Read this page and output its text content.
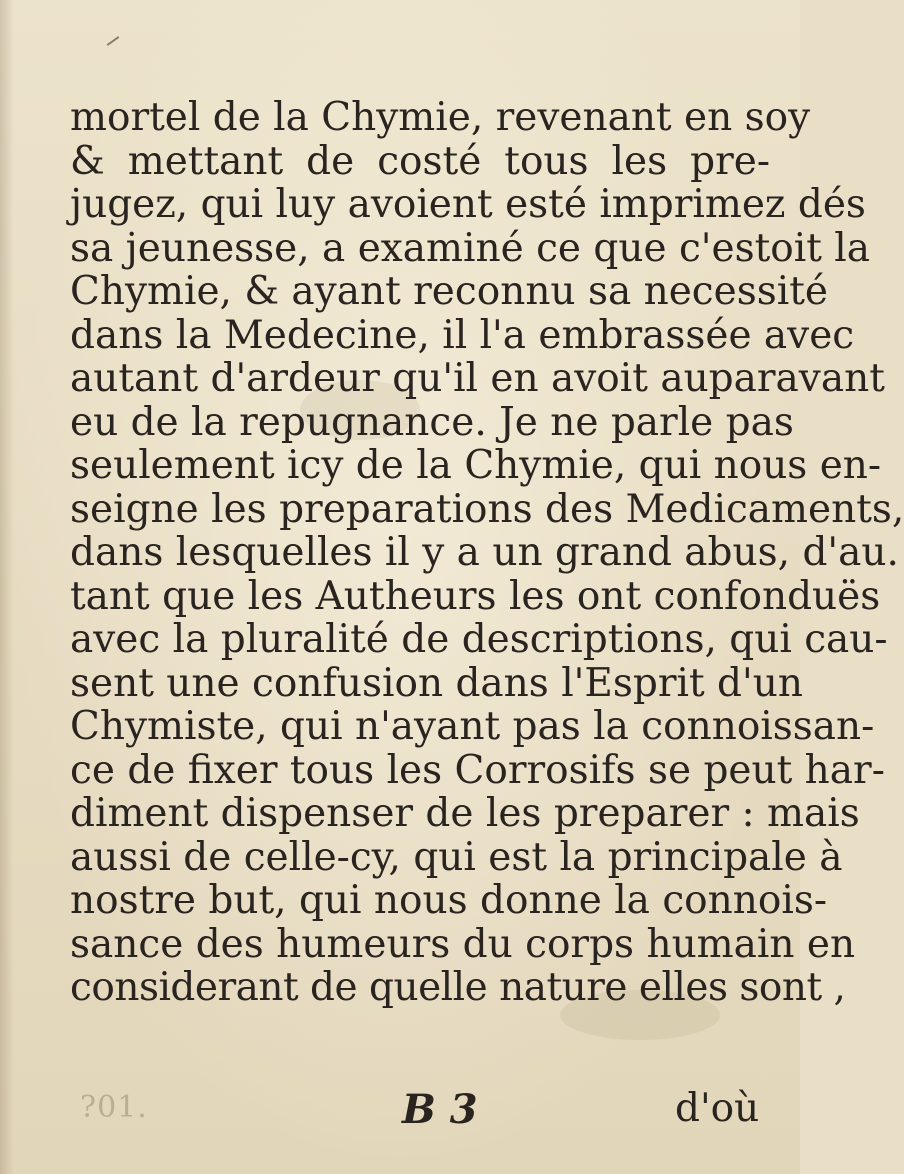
mortel de la Chymie, revenant en soy
& mettant de costé tous les pre-
jugez, qui luy avoient esté imprimez dés
sa jeunesse, a examiné ce que c'estoit la
Chymie, & ayant reconnu sa necessité
dans la Medecine, il l'a embrassée avec
autant d'ardeur qu'il en avoit auparavant
eu de la repugnance. Je ne parle pas
seulement icy de la Chymie, qui nous en-
seigne les preparations des Medicaments,
dans lesquelles il y a un grand abus, d'au.
tant que les Autheurs les ont confonduës
avec la pluralité de descriptions, qui cau-
sent une confusion dans l'Esprit d'un
Chymiste, qui n'ayant pas la connoissan-
ce de fixer tous les Corrosifs se peut har-
diment dispenser de les preparer : mais
aussi de celle-cy, qui est la principale à
nostre but, qui nous donne la connois-
sance des humeurs du corps humain en
considerant de quelle nature elles sont ,
?01.	B 3	d'où
